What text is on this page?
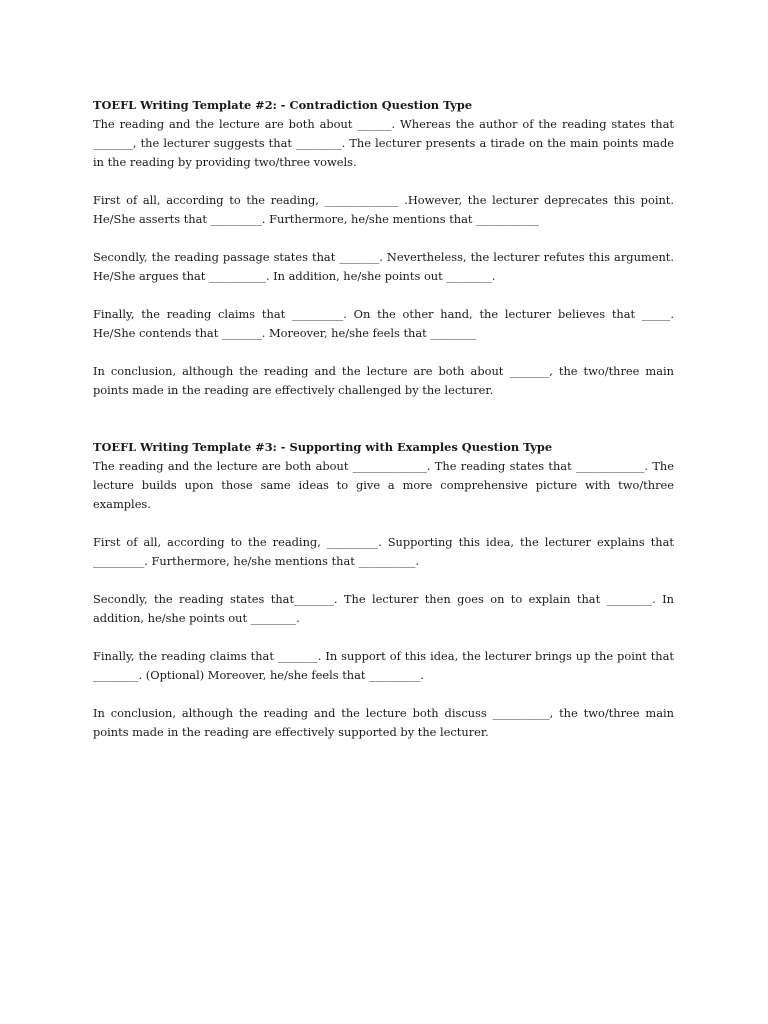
TOEFL Writing Template #2: - Contradiction Question Type

The reading and the lecture are both about ______. Whereas the author of the reading states that _______, the lecturer suggests that ________. The lecturer presents a tirade on the main points made in the reading by providing two/three vowels.

First of all, according to the reading, _____________ .However, the lecturer deprecates this point. He/She asserts that _________. Furthermore, he/she mentions that ___________

Secondly, the reading passage states that _______. Nevertheless, the lecturer refutes this argument. He/She argues that __________. In addition, he/she points out ________.

Finally, the reading claims that _________. On the other hand, the lecturer believes that _____. He/She contends that _______. Moreover, he/she feels that ________

In conclusion, although the reading and the lecture are both about _______, the two/three main points made in the reading are effectively challenged by the lecturer.

TOEFL Writing Template #3: - Supporting with Examples Question Type

The reading and the lecture are both about _____________. The reading states that ____________. The lecture builds upon those same ideas to give a more comprehensive picture with two/three examples.

First of all, according to the reading, _________. Supporting this idea, the lecturer explains that _________. Furthermore, he/she mentions that __________.

Secondly, the reading states that_______. The lecturer then goes on to explain that ________. In addition, he/she points out ________.

Finally, the reading claims that _______. In support of this idea, the lecturer brings up the point that ________. (Optional) Moreover, he/she feels that _________.

In conclusion, although the reading and the lecture both discuss __________, the two/three main points made in the reading are effectively supported by the lecturer.
